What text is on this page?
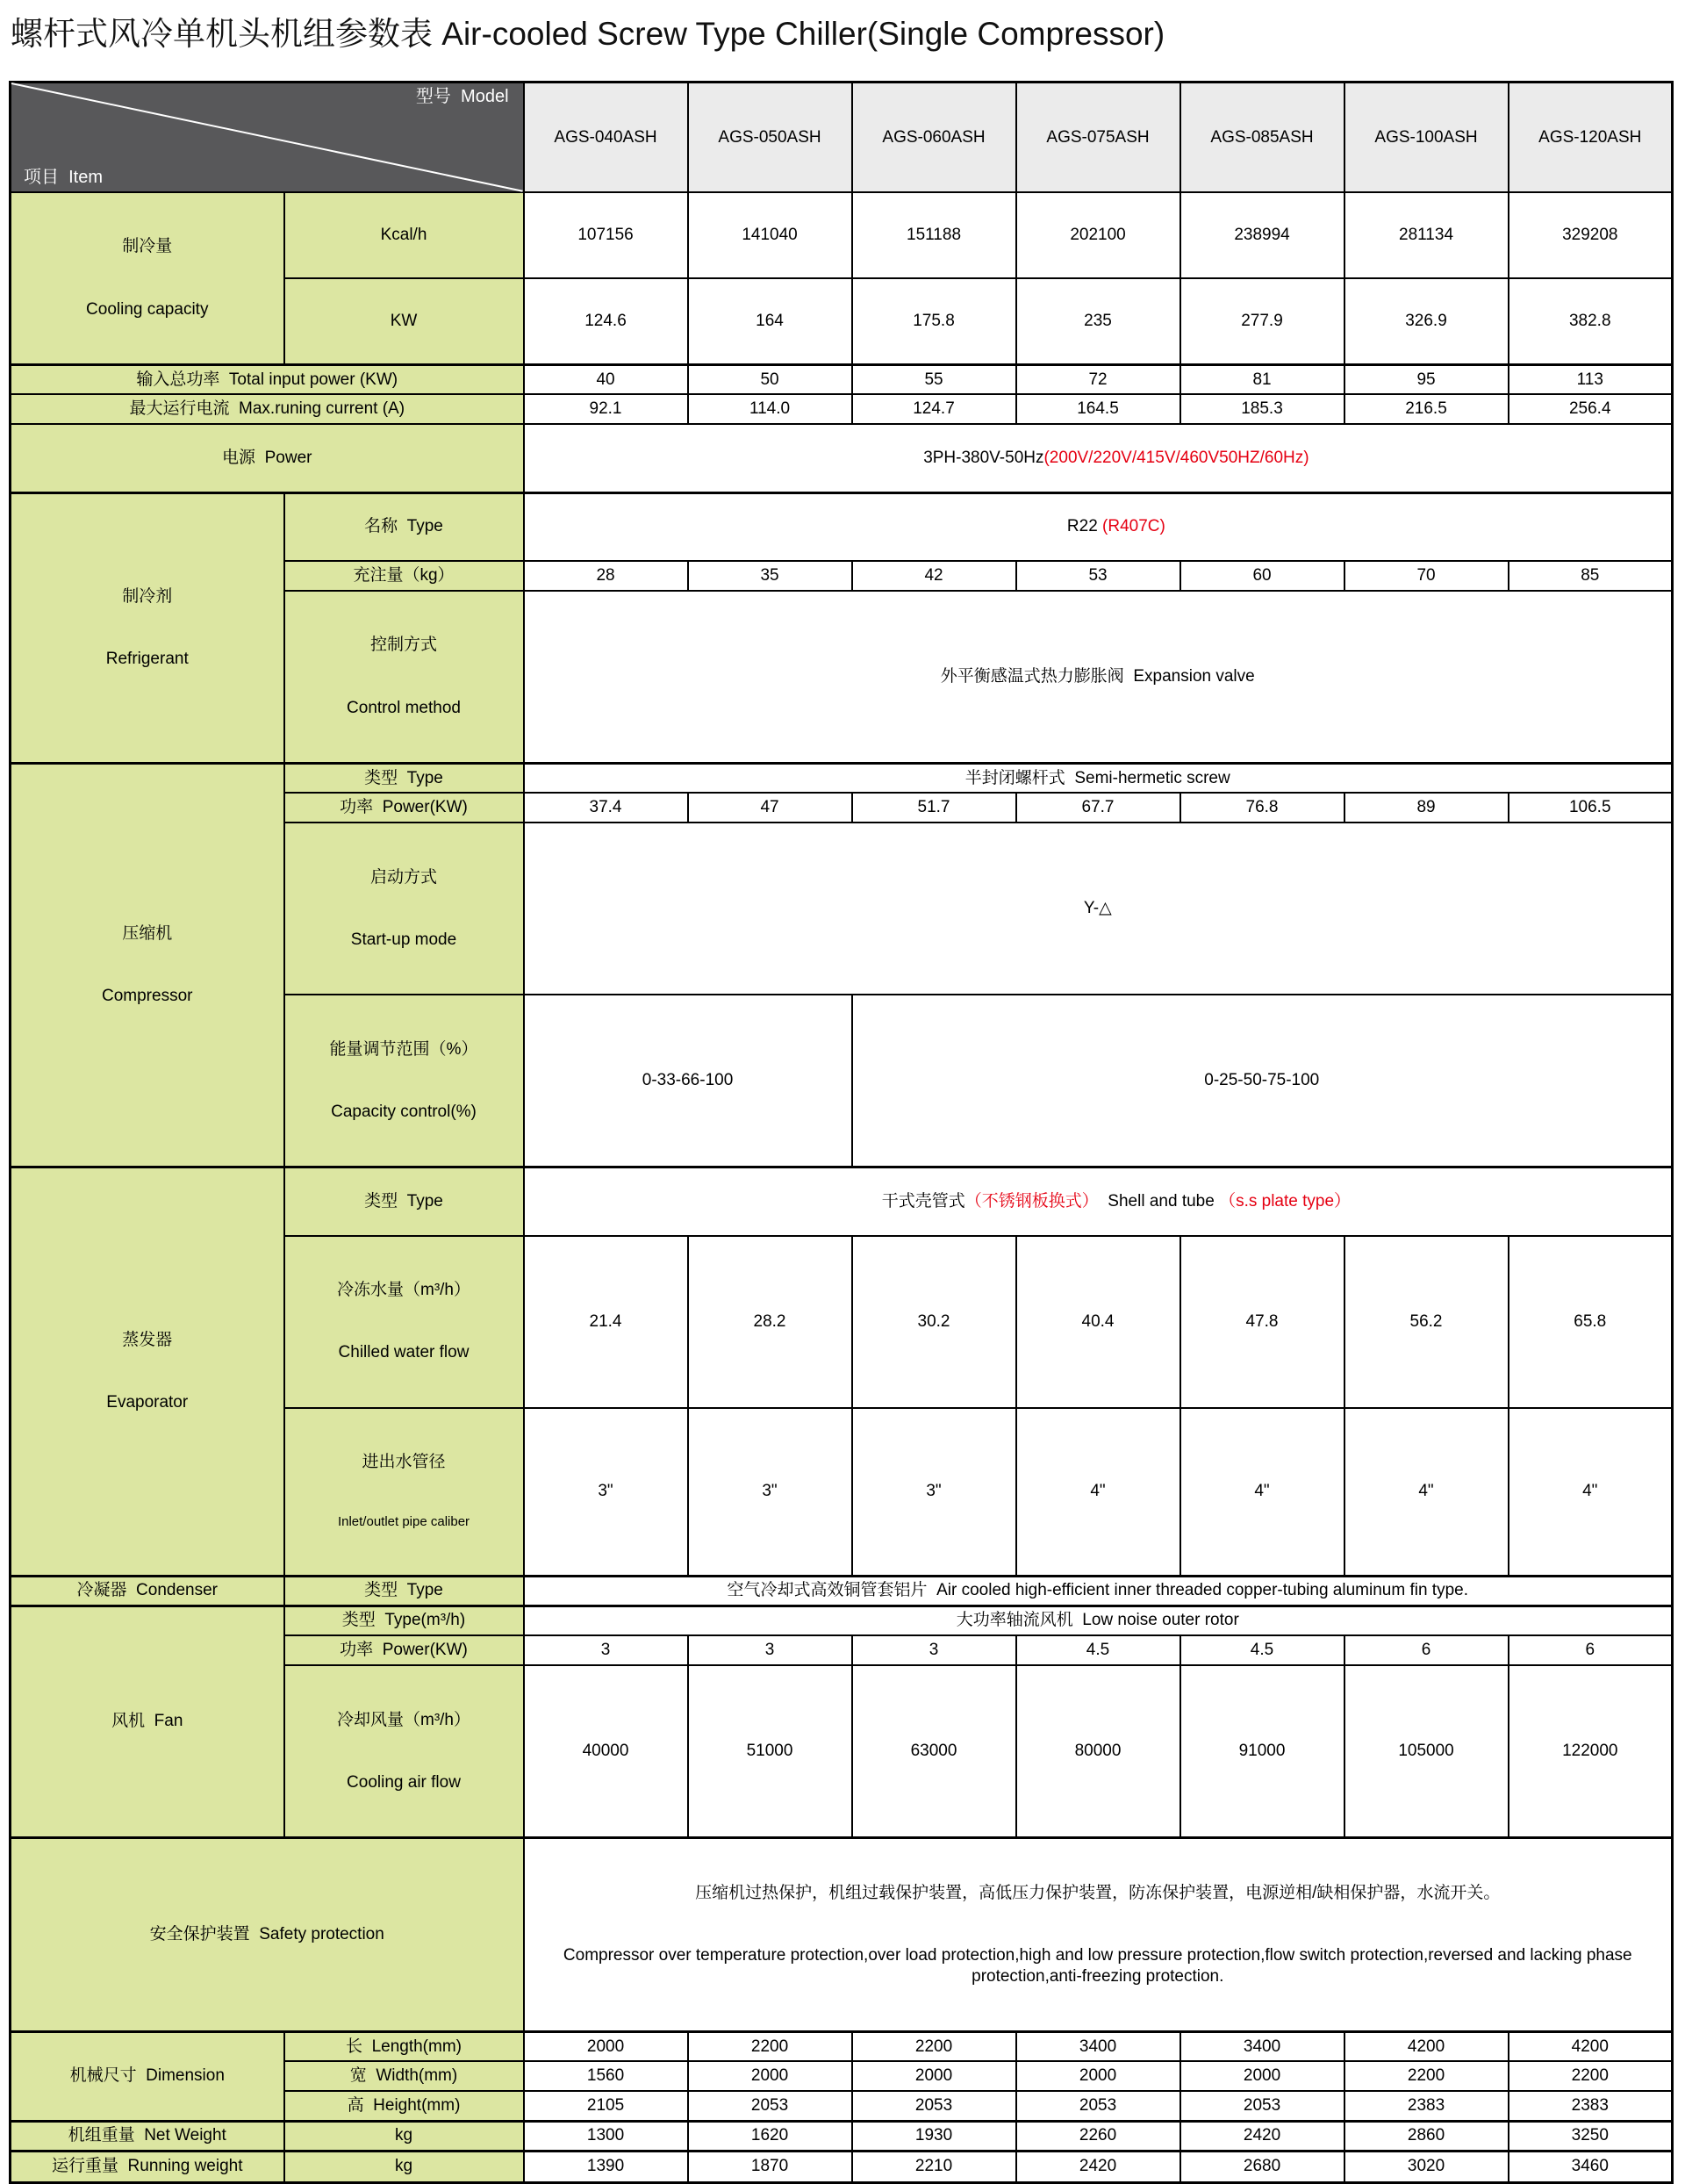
螺杆式风冷单机头机组参数表 Air-cooled Screw Type Chiller(Single Compressor)

型号  Model

项目  Item		AGS-040ASH	AGS-050ASH	AGS-060ASH	AGS-075ASH	AGS-085ASH	AGS-100ASH	AGS-120ASH

制冷量

Cooling capacity	Kcal/h	107156	141040	151188	202100	238994	281134	329208
	KW	124.6	164	175.8	235	277.9	326.9	382.8
输入总功率  Total input power (KW)		40	50	55	72	81	95	113
最大运行电流  Max.runing current (A)		92.1	114.0	124.7	164.5	185.3	216.5	256.4
电源  Power		3PH-380V-50Hz(200V/220V/415V/460V50HZ/60Hz)						

制冷剂

Refrigerant	名称  Type	R22 (R407C)						

	充注量（kg）	28	35	42	53	60	70	85

	控制方式

Control method	外平衡感温式热力膨胀阀  Expansion valve						

压缩机

Compressor	类型  Type	半封闭螺杆式  Semi-hermetic screw						
	功率  Power(KW)	37.4	47	51.7	67.7	76.8	89	106.5

	启动方式

Start-up mode	Y-△						

	能量调节范围（%）

Capacity control(%)	0-33-66-100		0-25-50-75-100				

蒸发器

Evaporator	类型  Type	干式壳管式（不锈钢板换式）  Shell and tube （s.s plate type）						

	冷冻水量（m³/h）

Chilled water flow	21.4	28.2	30.2	40.4	47.8	56.2	65.8

	进出水管径

Inlet/outlet pipe caliber	3"	3"	3"	4"	4"	4"	4"
冷凝器  Condenser	类型  Type	空气冷却式高效铜管套铝片  Air cooled high-efficient inner threaded copper-tubing aluminum fin type.						
风机  Fan	类型  Type(m³/h)	大功率轴流风机  Low noise outer rotor						
	功率  Power(KW)	3	3	3	4.5	4.5	6	6

	冷却风量（m³/h）

Cooling air flow	40000	51000	63000	80000	91000	105000	122000
安全保护装置  Safety protection		压缩机过热保护，机组过载保护装置，高低压力保护装置，防冻保护装置，电源逆相/缺相保护器，水流开关。

Compressor over temperature protection,over load protection,high and low pressure protection,flow switch protection,reversed and lacking phase protection,anti-freezing protection.						

机械尺寸  Dimension	长  Length(mm)	2000	2200	2200	3400	3400	4200	4200
	宽  Width(mm)	1560	2000	2000	2000	2000	2200	2200
	高  Height(mm)	2105	2053	2053	2053	2053	2383	2383
机组重量  Net Weight	kg	1300	1620	1930	2260	2420	2860	3250
运行重量  Running weight	kg	1390	1870	2210	2420	2680	3020	3460
